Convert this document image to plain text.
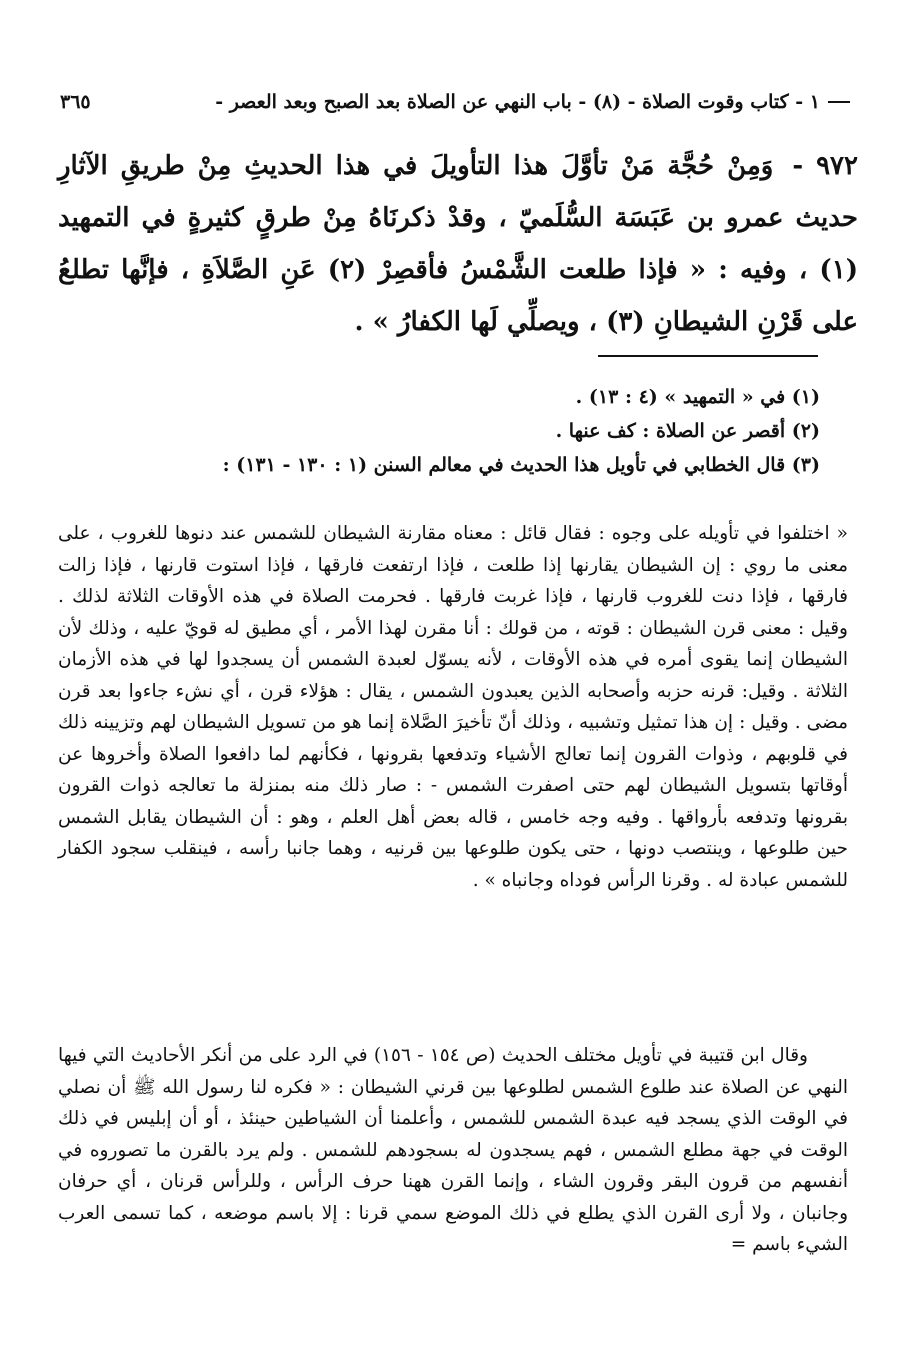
١ - كتاب وقوت الصلاة - (٨) - باب النهي عن الصلاة بعد الصبح وبعد العصر -
٣٦٥
٩٧٢ - وَمِنْ حُجَّة مَنْ تأوَّلَ هذا التأويلَ في هذا الحديثِ مِنْ طريقِ الآثارِ حديث عمرو بن عَبَسَة السُّلَميّ ، وقدْ ذكرنَاهُ مِنْ طرقٍ كثيرةٍ في التمهيد (١) ، وفيه : « فإذا طلعت الشَّمْسُ فأقصِرْ (٢) عَنِ الصَّلاَةِ ، فإنَّها تطلعُ على قَرْنِ الشيطانِ (٣) ، ويصلِّي لَها الكفارُ » .
(١) في « التمهيد » (٤ : ١٣) .
(٢) أقصر عن الصلاة : كف عنها .
(٣) قال الخطابي في تأويل هذا الحديث في معالم السنن (١ : ١٣٠ - ١٣١) :
« اختلفوا في تأويله على وجوه : فقال قائل : معناه مقارنة الشيطان للشمس عند دنوها للغروب ، على معنى ما روي : إن الشيطان يقارنها إذا طلعت ، فإذا ارتفعت فارقها ، فإذا استوت قارنها ، فإذا زالت فارقها ، فإذا دنت للغروب قارنها ، فإذا غربت فارقها . فحرمت الصلاة في هذه الأوقات الثلاثة لذلك . وقيل : معنى قرن الشيطان : قوته ، من قولك : أنا مقرن لهذا الأمر ، أي مطيق له قويّ عليه ، وذلك لأن الشيطان إنما يقوى أمره في هذه الأوقات ، لأنه يسوّل لعبدة الشمس أن يسجدوا لها في هذه الأزمان الثلاثة . وقيل: قرنه حزبه وأصحابه الذين يعبدون الشمس ، يقال : هؤلاء قرن ، أي نشء جاءوا بعد قرن مضى . وقيل : إن هذا تمثيل وتشبيه ، وذلك أنّ تأخيرَ الصَّلاة إنما هو من تسويل الشيطان لهم وتزيينه ذلك في قلوبهم ، وذوات القرون إنما تعالج الأشياء وتدفعها بقرونها ، فكأنهم لما دافعوا الصلاة وأخروها عن أوقاتها بتسويل الشيطان لهم حتى اصفرت الشمس - : صار ذلك منه بمنزلة ما تعالجه ذوات القرون بقرونها وتدفعه بأرواقها . وفيه وجه خامس ، قاله بعض أهل العلم ، وهو : أن الشيطان يقابل الشمس حين طلوعها ، وينتصب دونها ، حتى يكون طلوعها بين قرنيه ، وهما جانبا رأسه ، فينقلب سجود الكفار للشمس عبادة له . وقرنا الرأس فوداه وجانباه » .
وقال ابن قتيبة في تأويل مختلف الحديث (ص ١٥٤ - ١٥٦) في الرد على من أنكر الأحاديث التي فيها النهي عن الصلاة عند طلوع الشمس لطلوعها بين قرني الشيطان : « فكره لنا رسول الله ﷺ أن نصلي في الوقت الذي يسجد فيه عبدة الشمس للشمس ، وأعلمنا أن الشياطين حينئذ ، أو أن إبليس في ذلك الوقت في جهة مطلع الشمس ، فهم يسجدون له بسجودهم للشمس . ولم يرد بالقرن ما تصوروه في أنفسهم من قرون البقر وقرون الشاء ، وإنما القرن ههنا حرف الرأس ، وللرأس قرنان ، أي حرفان وجانبان ، ولا أرى القرن الذي يطلع في ذلك الموضع سمي قرنا : إلا باسم موضعه ، كما تسمى العرب الشيء باسم =
